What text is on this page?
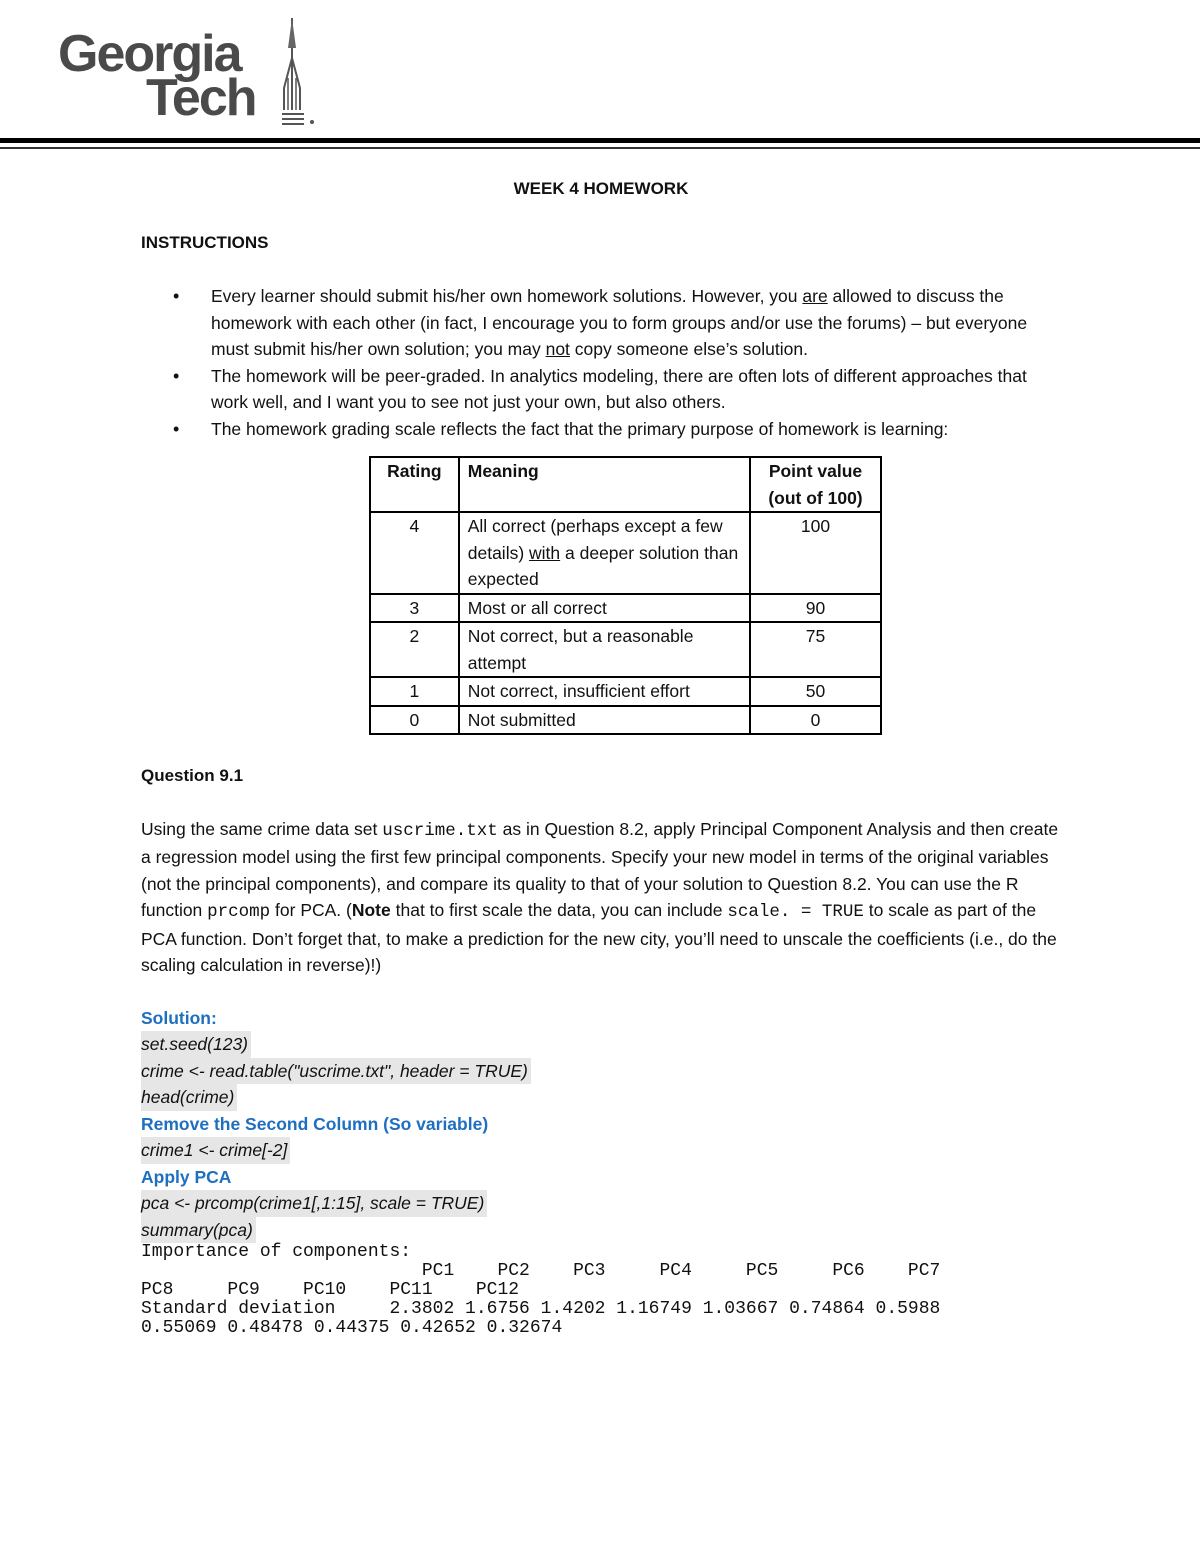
Georgia
Tech
WEEK 4 HOMEWORK
INSTRUCTIONS
• Every learner should submit his/her own homework solutions. However, you are allowed to discuss the homework with each other (in fact, I encourage you to form groups and/or use the forums) – but everyone must submit his/her own solution; you may not copy someone else’s solution.
• The homework will be peer-graded. In analytics modeling, there are often lots of different approaches that work well, and I want you to see not just your own, but also others.
• The homework grading scale reflects the fact that the primary purpose of homework is learning:
Rating	Meaning	Point value
(out of 100)
4	All correct (perhaps except a few details) with a deeper solution than expected	100
3	Most or all correct	90
2	Not correct, but a reasonable attempt	75
1	Not correct, insufficient effort	50
0	Not submitted	0
Question 9.1

Using the same crime data set uscrime.txt as in Question 8.2, apply Principal Component Analysis and then create a regression model using the first few principal components. Specify your new model in terms of the original variables (not the principal components), and compare its quality to that of your solution to Question 8.2. You can use the R function prcomp for PCA. (Note that to first scale the data, you can include scale. = TRUE to scale as part of the PCA function. Don’t forget that, to make a prediction for the new city, you’ll need to unscale the coefficients (i.e., do the scaling calculation in reverse)!)

Solution:
set.seed(123)
crime <- read.table("uscrime.txt", header = TRUE)
head(crime)
Remove the Second Column (So variable)
crime1 <- crime[-2]
Apply PCA
pca <- prcomp(crime1[,1:15], scale = TRUE)
summary(pca)
Importance of components:
PC1    PC2    PC3     PC4     PC5     PC6    PC7
PC8     PC9    PC10    PC11    PC12
Standard deviation     2.3802 1.6756 1.4202 1.16749 1.03667 0.74864 0.5988
0.55069 0.48478 0.44375 0.42652 0.32674
